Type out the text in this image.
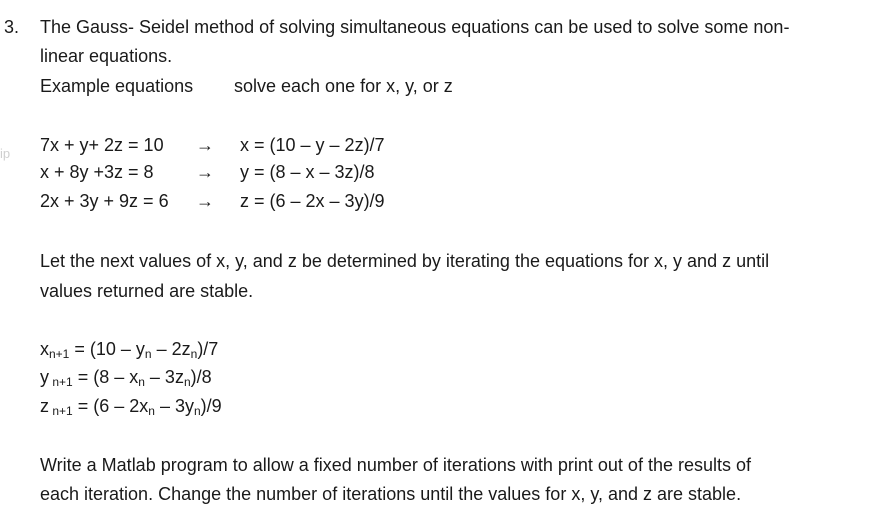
ip
3. The Gauss- Seidel method of solving simultaneous equations can be used to solve some non-
linear equations.
Example equations solve each one for x, y, or z
7x + y+ 2z = 10 → x = (10 – y – 2z)/7
x + 8y +3z = 8 → y = (8 – x – 3z)/8
2x + 3y + 9z = 6 → z = (6 – 2x – 3y)/9
Let the next values of x, y, and z be determined by iterating the equations for x, y and z until
values returned are stable.
$x_{n+1} = (10 - y_n - 2z_n)/7$
y $_{n+1} = (8 - x_n - 3z_n)/8$
z $_{n+1} = (6 - 2x_n - 3y_n)/9$
Write a Matlab program to allow a fixed number of iterations with print out of the results of
each iteration. Change the number of iterations until the values for x, y, and z are stable.
